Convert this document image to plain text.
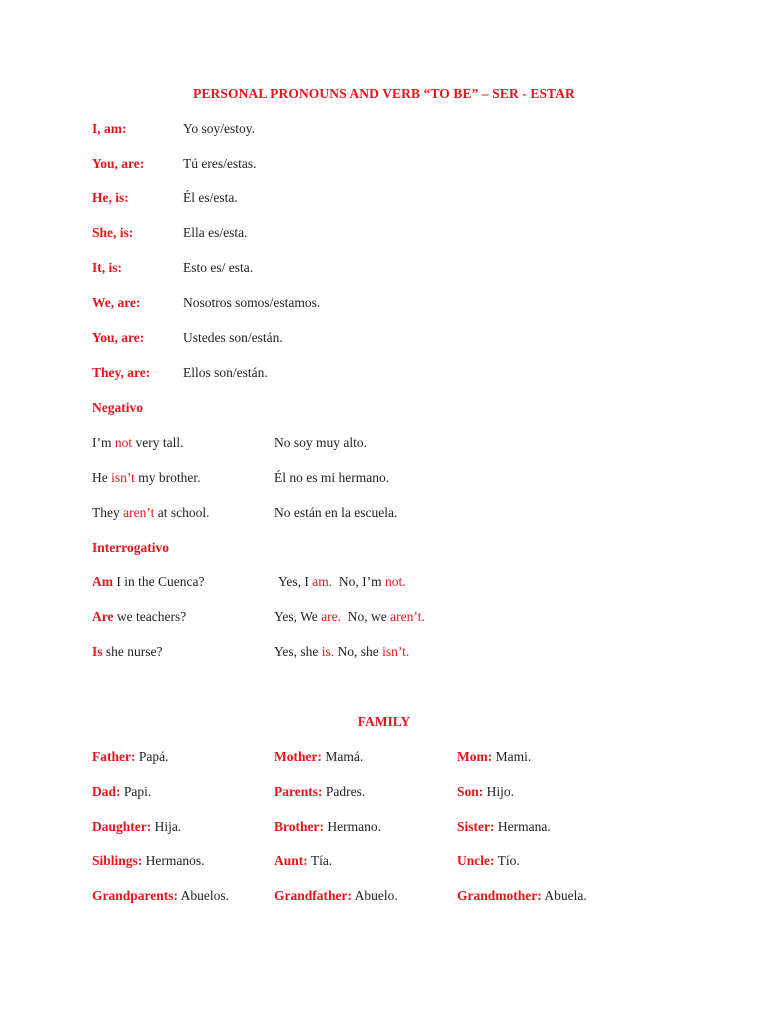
PERSONAL PRONOUNS AND VERB “TO BE” – SER - ESTAR
I, am:	Yo soy/estoy.
You, are:	Tú eres/estas.
He, is:	Él es/esta.
She, is:	Ella es/esta.
It, is:	Esto es/ esta.
We, are:	Nosotros somos/estamos.
You, are:	Ustedes son/están.
They, are: Ellos son/están.
Negativo
I’m not very tall.	No soy muy alto.
He isn’t my brother.	Él no es mi hermano.
They aren’t at school.	No están en la escuela.
Interrogativo
Am I in the Cuenca?	Yes, I am.  No, I’m not.
Are we teachers?	Yes, We are.  No, we aren’t.
Is she nurse?	Yes, she is. No, she isn’t.
FAMILY
Father: Papá.	Mother: Mamá.	Mom: Mami.
Dad: Papi.	Parents: Padres.	Son: Hijo.
Daughter: Hija.	Brother: Hermano.	Sister: Hermana.
Siblings: Hermanos.	Aunt: Tía.	Uncle: Tío.
Grandparents: Abuelos.	Grandfather: Abuelo.	Grandmother: Abuela.
